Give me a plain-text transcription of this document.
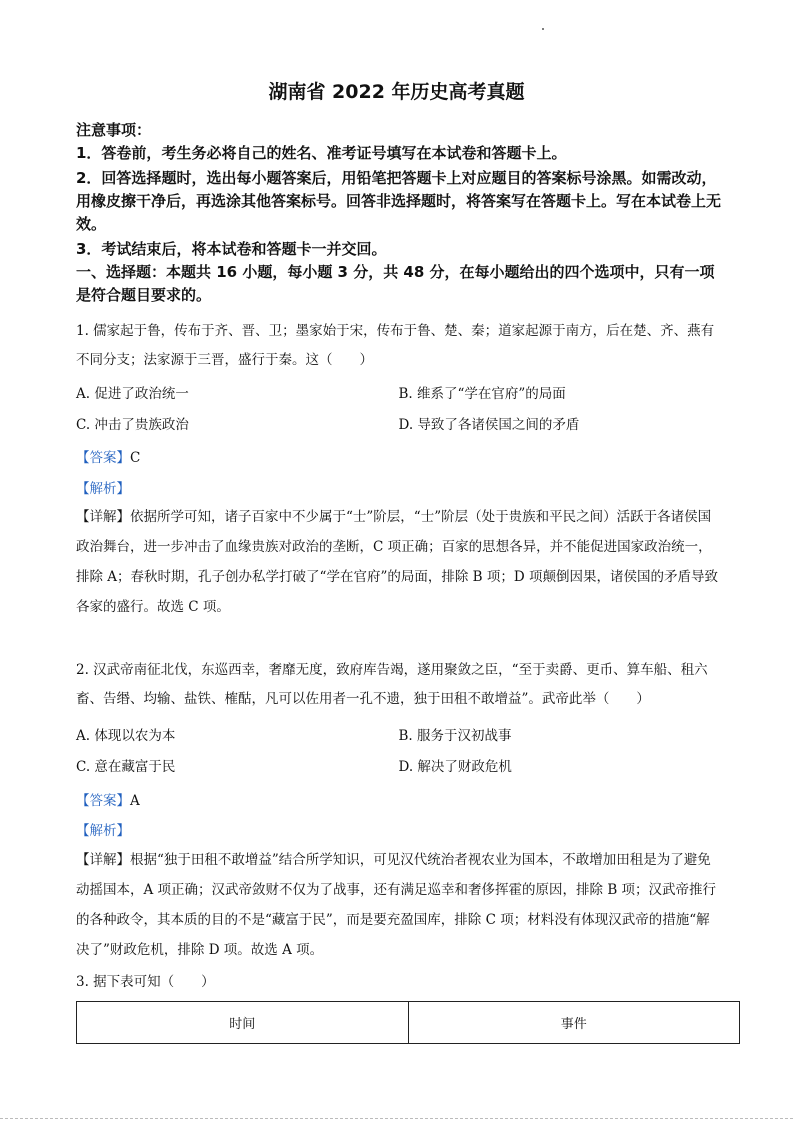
湖南省 2022 年历史高考真题

注意事项：

1．答卷前，考生务必将自己的姓名、准考证号填写在本试卷和答题卡上。

2．回答选择题时，选出每小题答案后，用铅笔把答题卡上对应题目的答案标号涂黑。如需改动，用橡皮擦干净后，再选涂其他答案标号。回答非选择题时，将答案写在答题卡上。写在本试卷上无效。

3．考试结束后，将本试卷和答题卡一并交回。

一、选择题：本题共 16 小题，每小题 3 分，共 48 分，在每小题给出的四个选项中，只有一项是符合题目要求的。

1. 儒家起于鲁，传布于齐、晋、卫；墨家始于宋，传布于鲁、楚、秦；道家起源于南方，后在楚、齐、燕有不同分支；法家源于三晋，盛行于秦。这（　　）

A. 促进了政治统一	B. 维系了“学在官府”的局面
C. 冲击了贵族政治	D. 导致了各诸侯国之间的矛盾
【答案】C
【解析】

【详解】依据所学可知，诸子百家中不少属于“士”阶层，“士”阶层（处于贵族和平民之间）活跃于各诸侯国政治舞台，进一步冲击了血缘贵族对政治的垄断，C 项正确；百家的思想各异，并不能促进国家政治统一，排除 A；春秋时期，孔子创办私学打破了“学在官府”的局面，排除 B 项；D 项颠倒因果，诸侯国的矛盾导致各家的盛行。故选 C 项。

2. 汉武帝南征北伐，东巡西幸，奢靡无度，致府库告竭，遂用聚敛之臣，“至于卖爵、更币、算车船、租六畜、告缗、均输、盐铁、榷酤，凡可以佐用者一孔不遗，独于田租不敢增益”。武帝此举（　　）

A. 体现以农为本	B. 服务于汉初战事
C. 意在藏富于民	D. 解决了财政危机
【答案】A
【解析】

【详解】根据“独于田租不敢增益”结合所学知识，可见汉代统治者视农业为国本，不敢增加田租是为了避免动摇国本，A 项正确；汉武帝敛财不仅为了战事，还有满足巡幸和奢侈挥霍的原因，排除 B 项；汉武帝推行的各种政令，其本质的目的不是“藏富于民”，而是要充盈国库，排除 C 项；材料没有体现汉武帝的措施“解决了”财政危机，排除 D 项。故选 A 项。

3. 据下表可知（　　）

时间	事件
